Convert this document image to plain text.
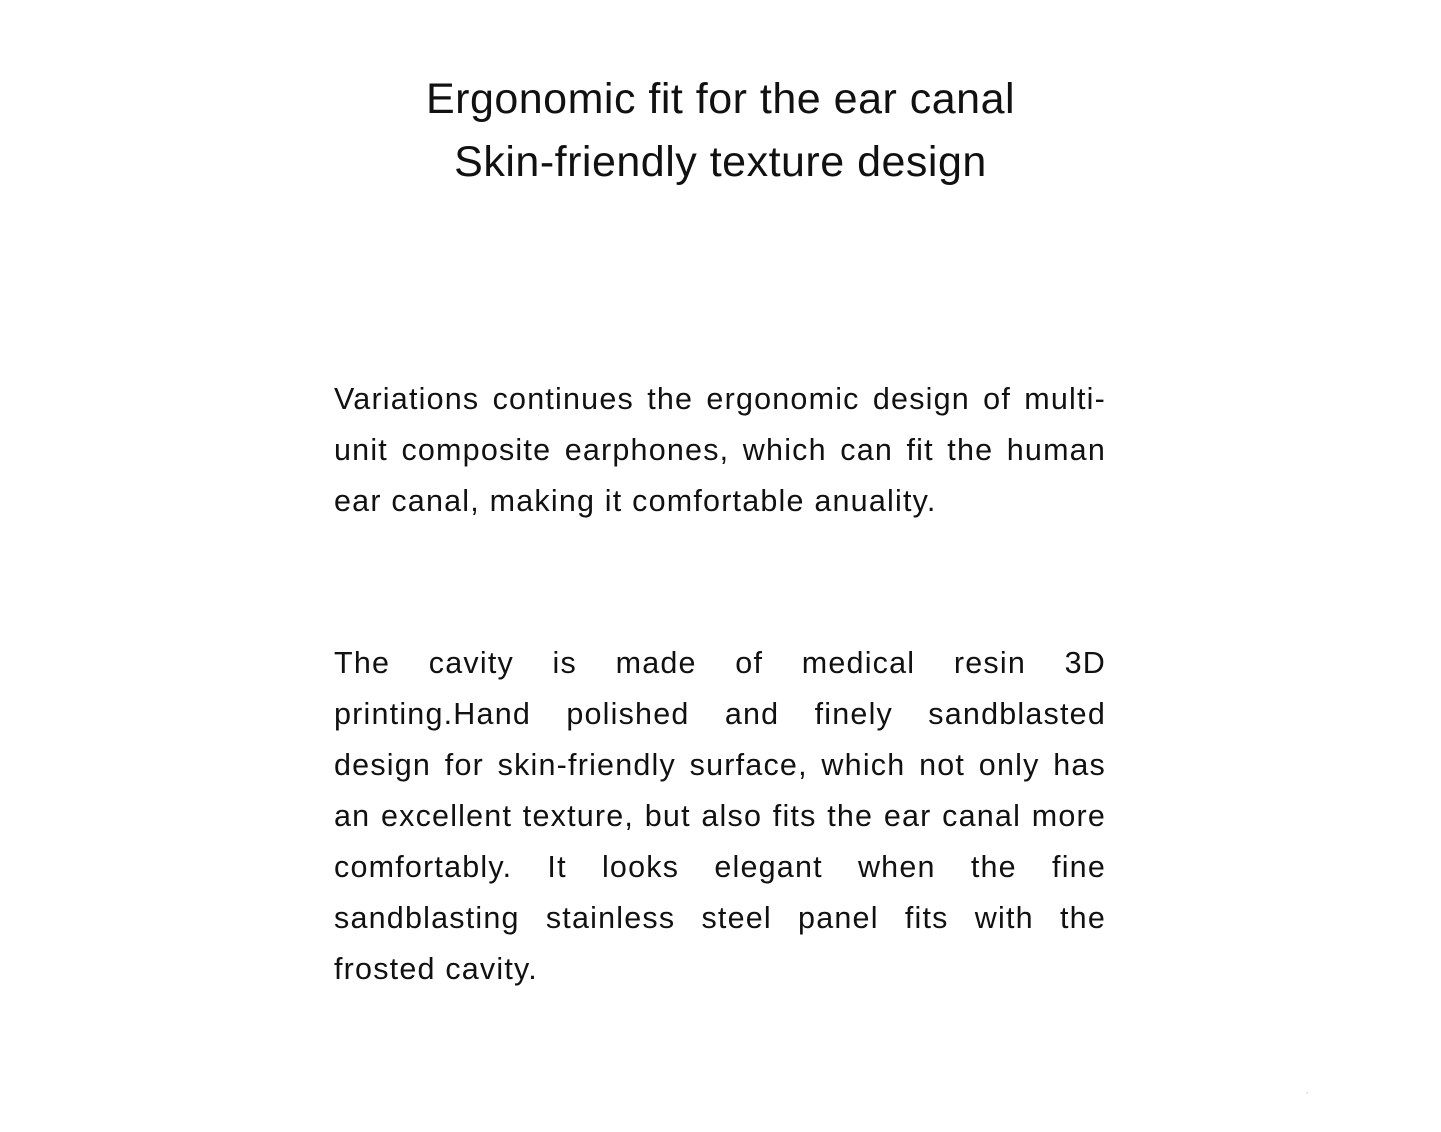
Ergonomic fit for the ear canal
Skin-friendly texture design

Variations continues the ergonomic design of multi-unit composite earphones, which can fit the human ear canal, making it comfortable anuality.

The cavity is made of medical resin 3D printing.Hand polished and finely sandblasted design for skin-friendly surface, which not only has an excellent texture, but also fits the ear canal more comfortably. It looks elegant when the fine sandblasting stainless steel panel fits with the frosted cavity.
